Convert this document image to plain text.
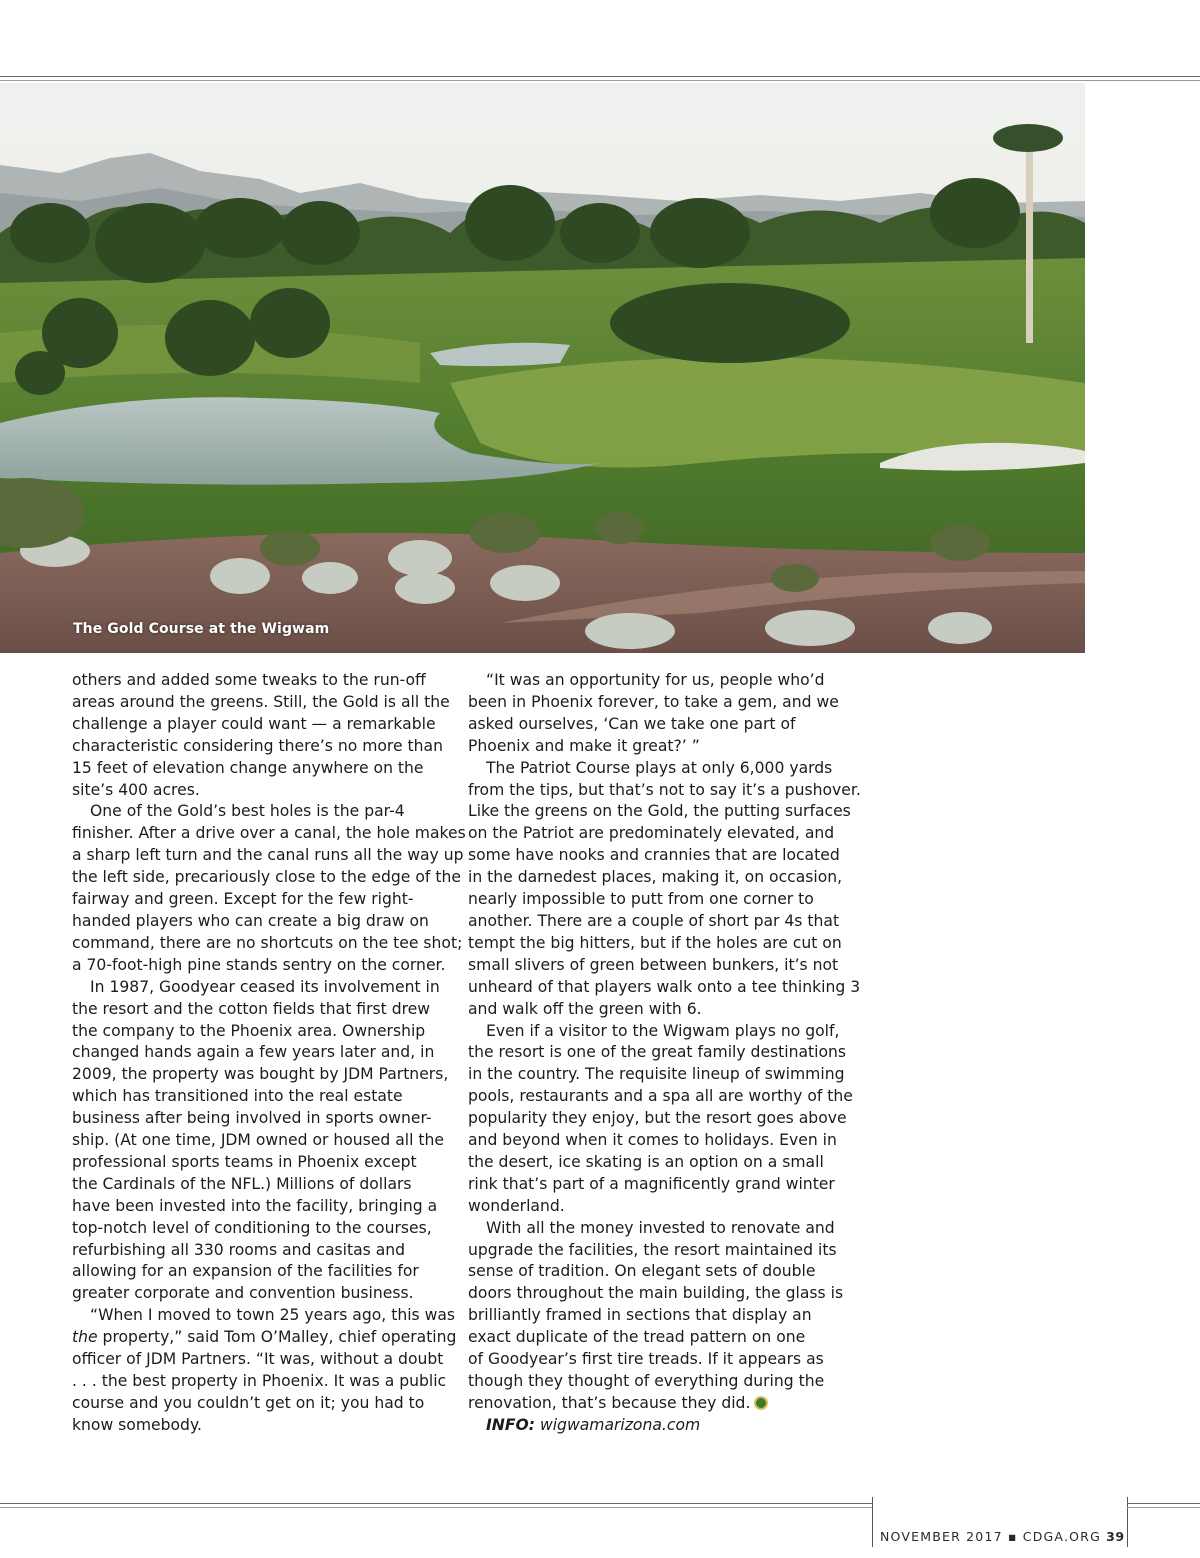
The Gold Course at the Wigwam
others and added some tweaks to the run-off
areas around the greens. Still, the Gold is all the
challenge a player could want — a remarkable
characteristic considering there’s no more than
15 feet of elevation change anywhere on the
site’s 400 acres.
One of the Gold’s best holes is the par-4
finisher. After a drive over a canal, the hole makes
a sharp left turn and the canal runs all the way up
the left side, precariously close to the edge of the
fairway and green. Except for the few right-
handed players who can create a big draw on
command, there are no shortcuts on the tee shot;
a 70-foot-high pine stands sentry on the corner.
In 1987, Goodyear ceased its involvement in
the resort and the cotton fields that first drew
the company to the Phoenix area. Ownership
changed hands again a few years later and, in
2009, the property was bought by JDM Partners,
which has transitioned into the real estate
business after being involved in sports owner-
ship. (At one time, JDM owned or housed all the
professional sports teams in Phoenix except
the Cardinals of the NFL.) Millions of dollars
have been invested into the facility, bringing a
top-notch level of conditioning to the courses,
refurbishing all 330 rooms and casitas and
allowing for an expansion of the facilities for
greater corporate and convention business.
“When I moved to town 25 years ago, this was
the property,” said Tom O’Malley, chief operating
officer of JDM Partners. “It was, without a doubt
. . . the best property in Phoenix. It was a public
course and you couldn’t get on it; you had to
know somebody.
“It was an opportunity for us, people who’d
been in Phoenix forever, to take a gem, and we
asked ourselves, ‘Can we take one part of
Phoenix and make it great?’ ”
The Patriot Course plays at only 6,000 yards
from the tips, but that’s not to say it’s a pushover.
Like the greens on the Gold, the putting surfaces
on the Patriot are predominately elevated, and
some have nooks and crannies that are located
in the darnedest places, making it, on occasion,
nearly impossible to putt from one corner to
another. There are a couple of short par 4s that
tempt the big hitters, but if the holes are cut on
small slivers of green between bunkers, it’s not
unheard of that players walk onto a tee thinking 3
and walk off the green with 6.
Even if a visitor to the Wigwam plays no golf,
the resort is one of the great family destinations
in the country. The requisite lineup of swimming
pools, restaurants and a spa all are worthy of the
popularity they enjoy, but the resort goes above
and beyond when it comes to holidays. Even in
the desert, ice skating is an option on a small
rink that’s part of a magnificently grand winter
wonderland.
With all the money invested to renovate and
upgrade the facilities, the resort maintained its
sense of tradition. On elegant sets of double
doors throughout the main building, the glass is
brilliantly framed in sections that display an
exact duplicate of the tread pattern on one
of Goodyear’s first tire treads. If it appears as
though they thought of everything during the
renovation, that’s because they did.
INFO: wigwamarizona.com
NOVEMBER 2017 ▪ CDGA.ORG 39
